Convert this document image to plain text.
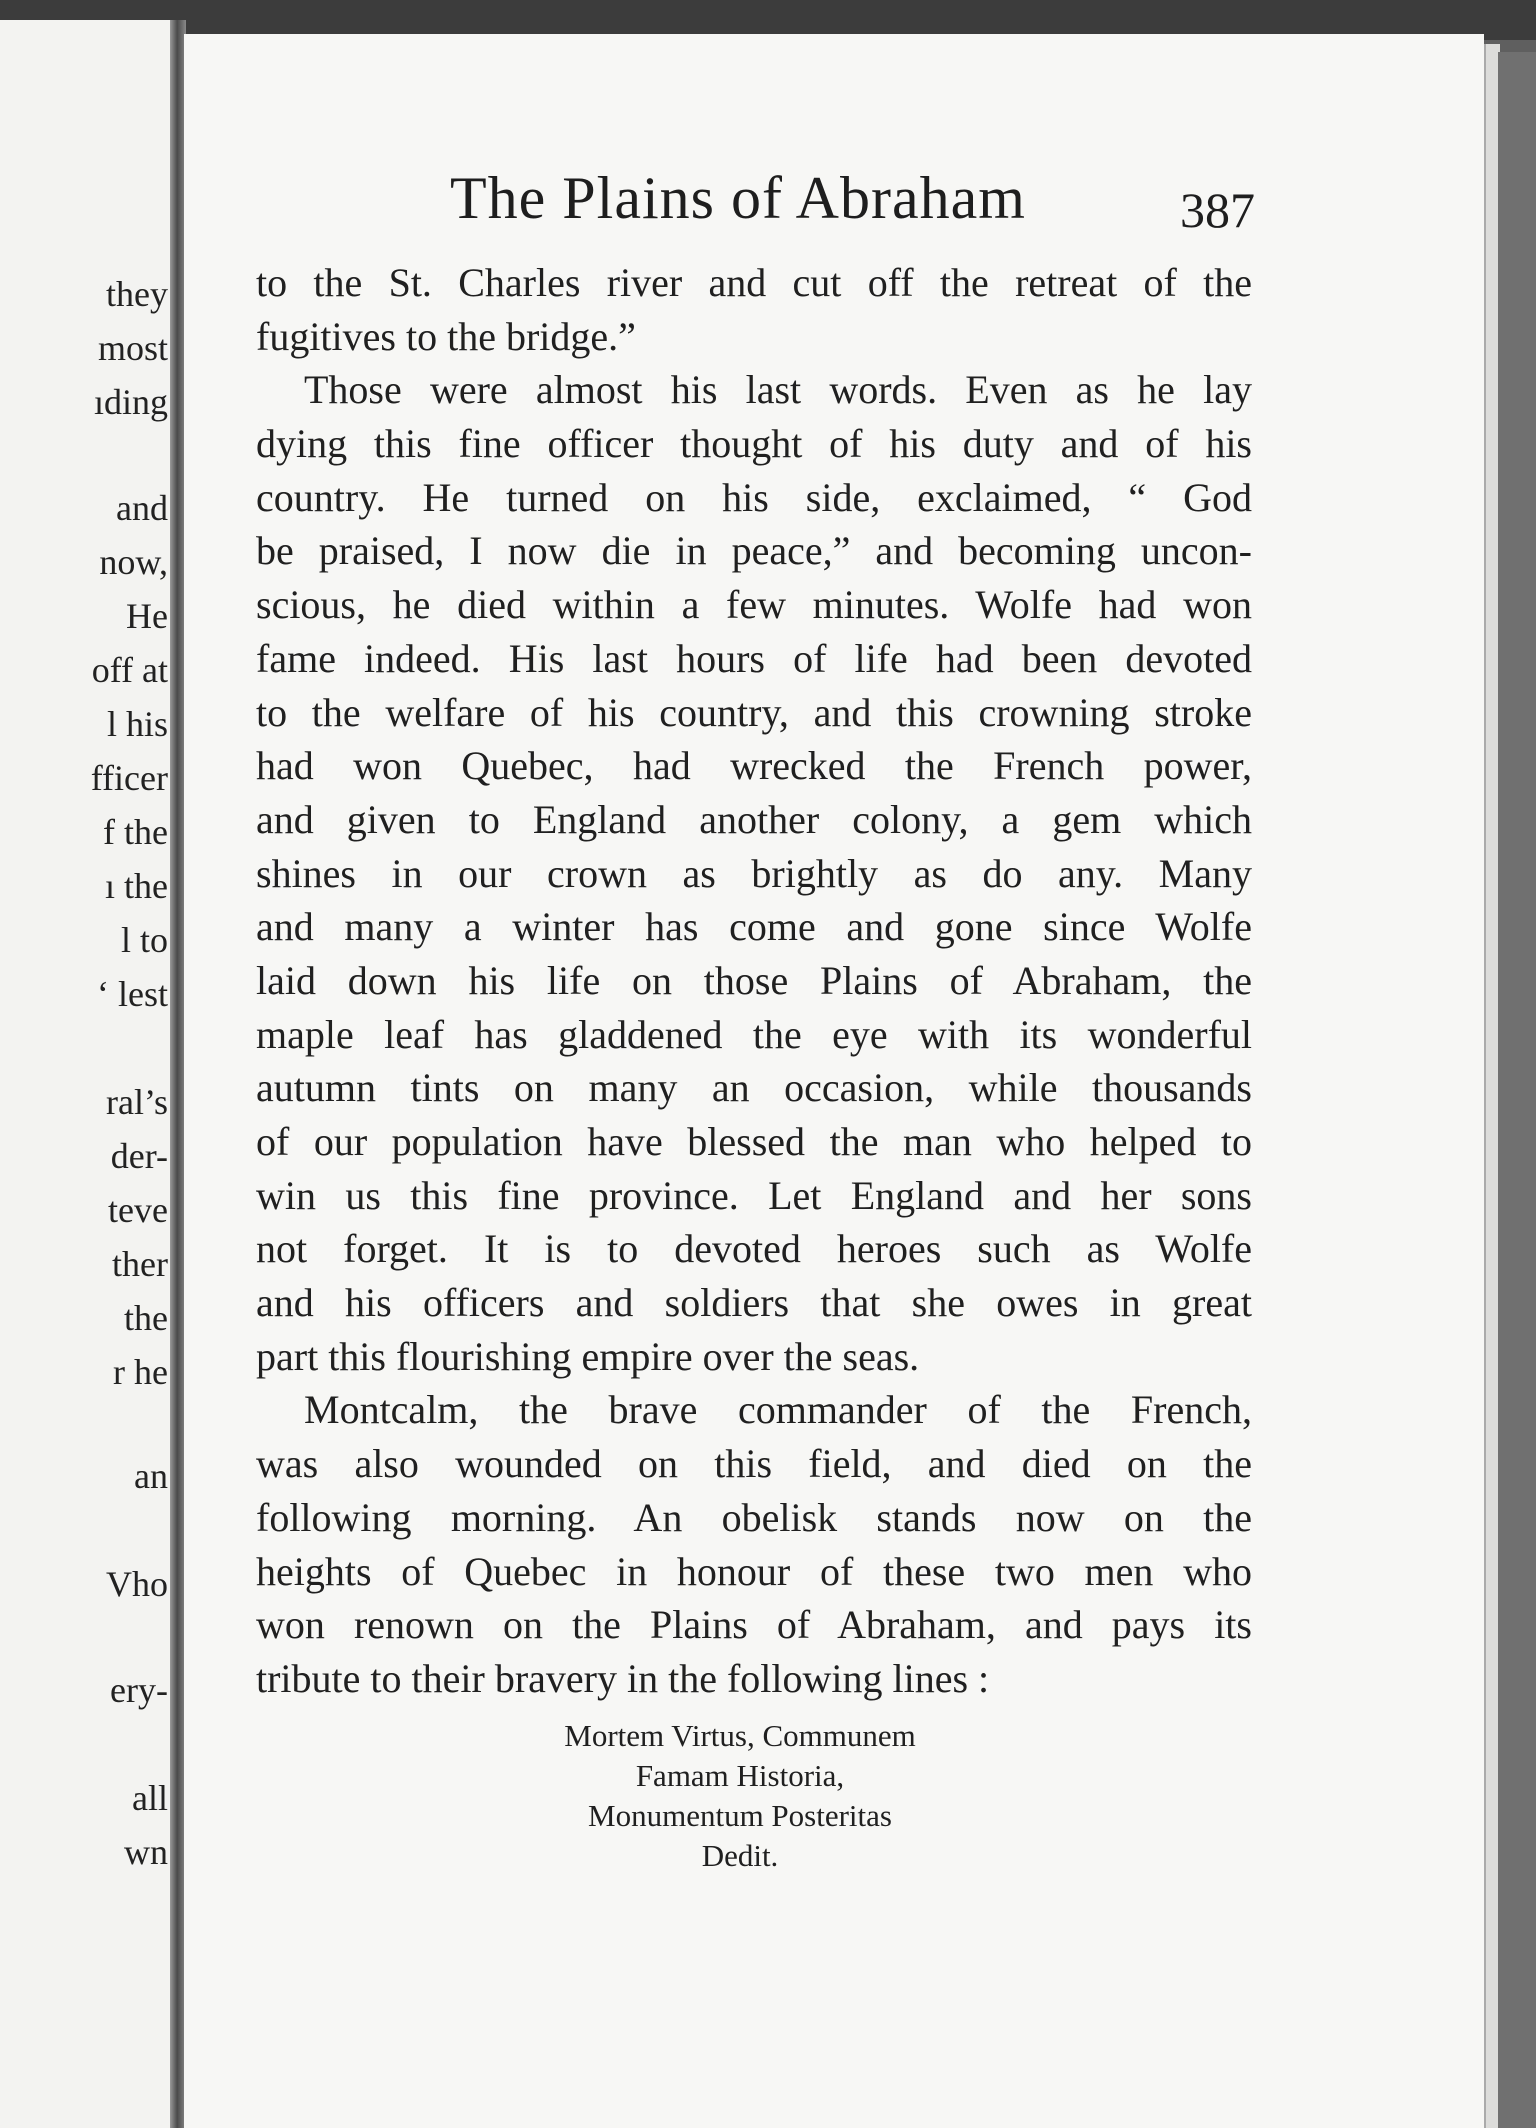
they
most
ıding
and
now,
He
off at
l his
fficer
f the
ı the
l to
‘ lest
ral’s
der-
teve
ther
the
r he
an
Vho
ery-
all
wn
The Plains of Abraham	387
to the St. Charles river and cut off the retreat of the
fugitives to the bridge.”
Those were almost his last words. Even as he lay
dying this fine officer thought of his duty and of his
country. He turned on his side, exclaimed, “ God
be praised, I now die in peace,” and becoming uncon-
scious, he died within a few minutes. Wolfe had won
fame indeed. His last hours of life had been devoted
to the welfare of his country, and this crowning stroke
had won Quebec, had wrecked the French power,
and given to England another colony, a gem which
shines in our crown as brightly as do any. Many
and many a winter has come and gone since Wolfe
laid down his life on those Plains of Abraham, the
maple leaf has gladdened the eye with its wonderful
autumn tints on many an occasion, while thousands
of our population have blessed the man who helped to
win us this fine province. Let England and her sons
not forget. It is to devoted heroes such as Wolfe
and his officers and soldiers that she owes in great
part this flourishing empire over the seas.
Montcalm, the brave commander of the French,
was also wounded on this field, and died on the
following morning. An obelisk stands now on the
heights of Quebec in honour of these two men who
won renown on the Plains of Abraham, and pays its
tribute to their bravery in the following lines :
Mortem Virtus, Communem
Famam Historia,
Monumentum Posteritas
Dedit.
